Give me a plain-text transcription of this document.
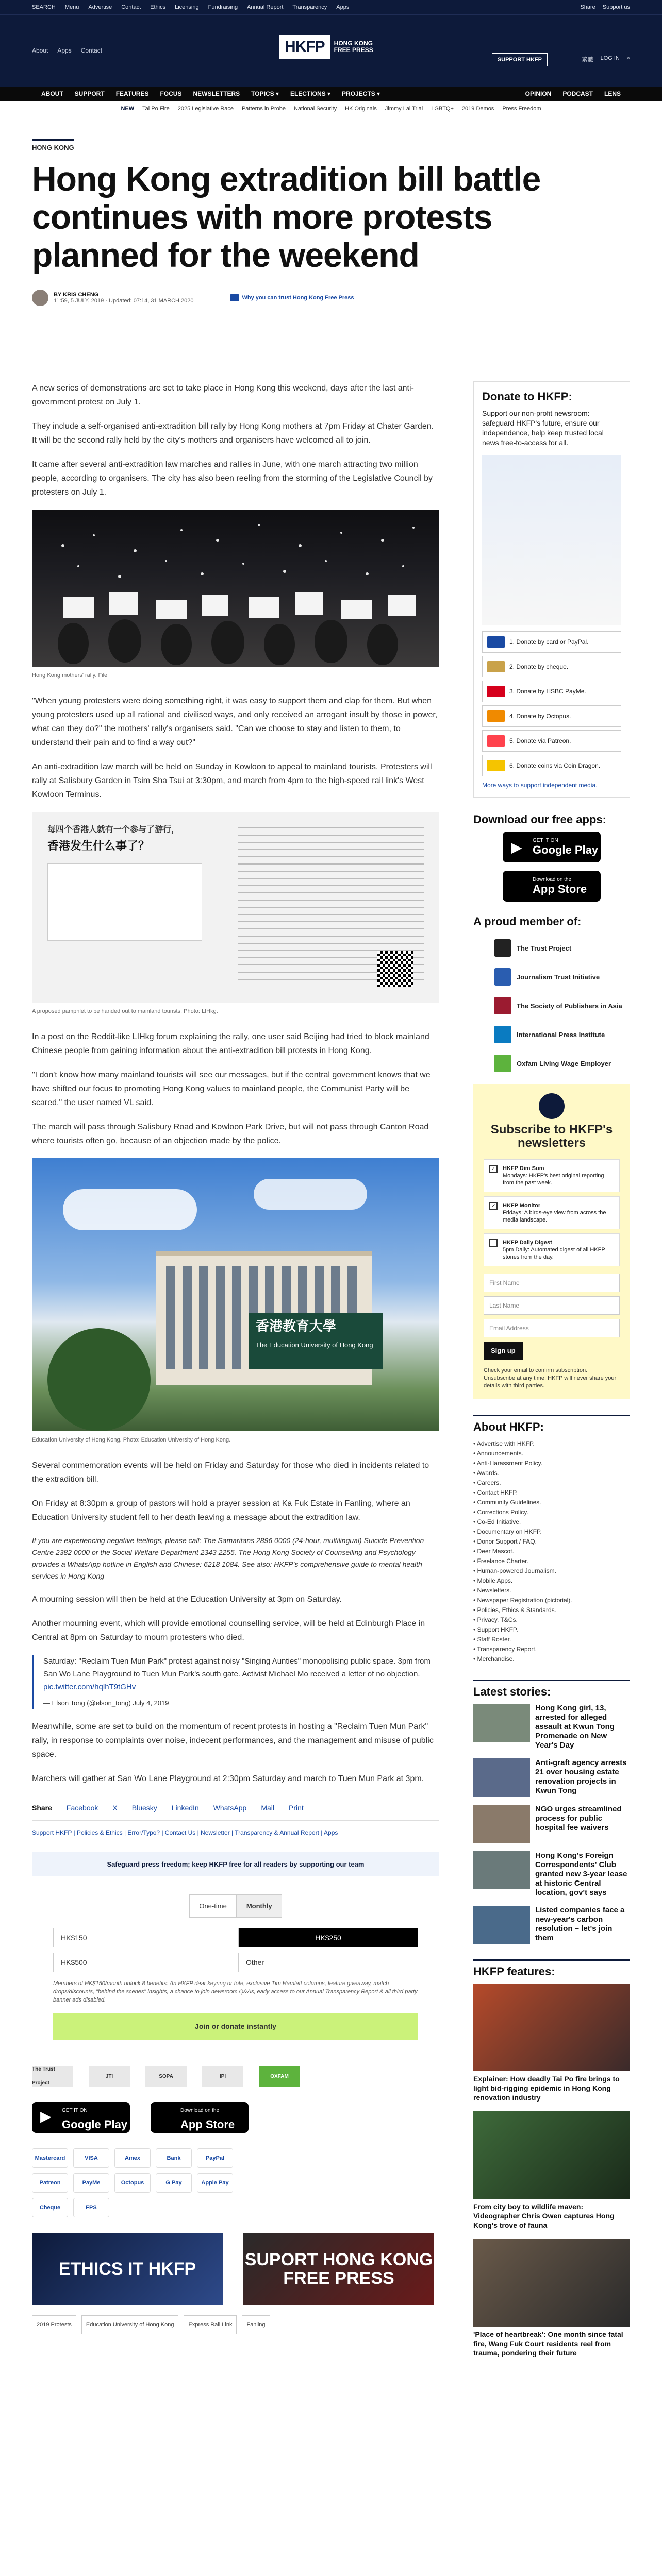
SEARCH Menu Advertise Contact Ethics Licensing Fundraising Annual Report Transparency Apps	Share Support us
About Apps Contact	HKFP	HONG KONG
FREE PRESS
SUPPORT HKFP	繁體 LOG IN ⌕
ABOUT SUPPORT FEATURES FOCUS NEWSLETTERS TOPICS ▾ ELECTIONS ▾ PROJECTS ▾	OPINION PODCAST LENS
NEW Tai Po Fire 2025 Legislative Race Patterns in Probe National Security HK Originals Jimmy Lai Trial LGBTQ+ 2019 Demos Press Freedom
HONG KONG
Hong Kong extradition bill battle continues with more protests planned for the weekend
BY KRIS CHENG
11:59, 5 JULY, 2019 · Updated: 07:14, 31 MARCH 2020	Why you can trust Hong Kong Free Press

A new series of demonstrations are set to take place in Hong Kong this weekend, days after the last anti-government protest on July 1.

They include a self-organised anti-extradition bill rally by Hong Kong mothers at 7pm Friday at Chater Garden. It will be the second rally held by the city's mothers and organisers have welcomed all to join.

It came after several anti-extradition law marches and rallies in June, with one march attracting two million people, according to organisers. The city has also been reeling from the storming of the Legislative Council by protesters on July 1.

Hong Kong mothers' rally. File

"When young protesters were doing something right, it was easy to support them and clap for them. But when young protesters used up all rational and civilised ways, and only received an arrogant insult by those in power, what can they do?" the mothers' rally's organisers said. "Can we choose to stay and listen to them, to understand their pain and to find a way out?"

An anti-extradition law march will be held on Sunday in Kowloon to appeal to mainland tourists. Protesters will rally at Salisbury Garden in Tsim Sha Tsui at 3:30pm, and march from 4pm to the high-speed rail link's West Kowloon Terminus.

每四个香港人就有一个参与了游行，
香港发生什么事了？
A proposed pamphlet to be handed out to mainland tourists. Photo: LIHkg.

In a post on the Reddit-like LIHkg forum explaining the rally, one user said Beijing had tried to block mainland Chinese people from gaining information about the anti-extradition bill protests in Hong Kong.

"I don't know how many mainland tourists will see our messages, but if the central government knows that we have shifted our focus to promoting Hong Kong values to mainland people, the Communist Party will be scared," the user named VL said.

The march will pass through Salisbury Road and Kowloon Park Drive, but will not pass through Canton Road where tourists often go, because of an objection made by the police.

香港教育大學
The Education University of Hong Kong
Education University of Hong Kong. Photo: Education University of Hong Kong.

Several commemoration events will be held on Friday and Saturday for those who died in incidents related to the extradition bill.

On Friday at 8:30pm a group of pastors will hold a prayer session at Ka Fuk Estate in Fanling, where an Education University student fell to her death leaving a message about the extradition law.

If you are experiencing negative feelings, please call: The Samaritans 2896 0000 (24-hour, multilingual) Suicide Prevention Centre 2382 0000 or the Social Welfare Department 2343 2255. The Hong Kong Society of Counselling and Psychology provides a WhatsApp hotline in English and Chinese: 6218 1084. See also: HKFP's comprehensive guide to mental health services in Hong Kong

A mourning session will then be held at the Education University at 3pm on Saturday.

Another mourning event, which will provide emotional counselling service, will be held at Edinburgh Place in Central at 8pm on Saturday to mourn protesters who died.

Saturday: "Reclaim Tuen Mun Park" protest against noisy "Singing Aunties" monopolising public space. 3pm from San Wo Lane Playground to Tuen Mun Park's south gate. Activist Michael Mo received a letter of no objection.
pic.twitter.com/hqlhT9tGHv
— Elson Tong (@elson_tong) July 4, 2019

Meanwhile, some are set to build on the momentum of recent protests in hosting a "Reclaim Tuen Mun Park" rally, in response to complaints over noise, indecent performances, and the management and misuse of public space.

Marchers will gather at San Wo Lane Playground at 2:30pm Saturday and march to Tuen Mun Park at 3pm.

Share Facebook X Bluesky LinkedIn WhatsApp Mail Print
Support HKFP | Policies & Ethics | Error/Typo? | Contact Us | Newsletter | Transparency & Annual Report | Apps
Safeguard press freedom; keep HKFP free for all readers by supporting our team
One-time	Monthly
HK$150	HK$250
HK$500	Other
Members of HK$150/month unlock 8 benefits: An HKFP dear keyring or tote, exclusive Tim Hamlett columns, feature giveaway, match drops/discounts, "behind the scenes" insights, a chance to join newsroom Q&As, early access to our Annual Transparency Report & all third party banner ads disabled.
Join or donate instantly
The Trust Project
JTI	SOPA	IPI	OXFAM
▶ GET IT ON
Google Play
Download on the
App Store
Mastercard	VISA	Amex	Bank	PayPal
Patreon	PayMe	Octopus	G Pay	Apple Pay
Cheque	FPS
ETHICS IT HKFP	SUPORT HONG KONG FREE PRESS
2019 Protests	Education University of Hong Kong	Express Rail Link	Fanling
Donate to HKFP:

Support our non-profit newsroom: safeguard HKFP's future, ensure our independence, help keep trusted local news free-to-access for all.

1. Donate by card or PayPal.
2. Donate by cheque.
3. Donate by HSBC PayMe.
4. Donate by Octopus.
5. Donate via Patreon.
6. Donate coins via Coin Dragon.
More ways to support independent media.
Download our free apps:
▶ GET IT ON
Google Play
Download on the
App Store
A proud member of:
The Trust Project
Journalism Trust Initiative
The Society of Publishers in Asia
International Press Institute
Oxfam Living Wage Employer
Subscribe to HKFP's newsletters
✓	HKFP Dim Sum
Mondays: HKFP's best original reporting from the past week.
✓	HKFP Monitor
Fridays: A birds-eye view from across the media landscape.
HKFP Daily Digest
5pm Daily: Automated digest of all HKFP stories from the day.
First Name
Last Name
Email Address
Sign up
Check your email to confirm subscription. Unsubscribe at any time. HKFP will never share your details with third parties.
About HKFP:
• Advertise with HKFP.
• Announcements.
• Anti-Harassment Policy.
• Awards.
• Careers.
• Contact HKFP.
• Community Guidelines.
• Corrections Policy.
• Co-Ed Initiative.
• Documentary on HKFP.
• Donor Support / FAQ.
• Deer Mascot.
• Freelance Charter.
• Human-powered Journalism.
• Mobile Apps.
• Newsletters.
• Newspaper Registration (pictorial).
• Policies, Ethics & Standards.
• Privacy, T&Cs.
• Support HKFP.
• Staff Roster.
• Transparency Report.
• Merchandise.
Latest stories:
Hong Kong girl, 13, arrested for alleged assault at Kwun Tong Promenade on New Year's Day
Anti-graft agency arrests 21 over housing estate renovation projects in Kwun Tong
NGO urges streamlined process for public hospital fee waivers
Hong Kong's Foreign Correspondents' Club granted new 3-year lease at historic Central location, gov't says
Listed companies face a new-year's carbon resolution – let's join them
HKFP features:
Explainer: How deadly Tai Po fire brings to light bid-rigging epidemic in Hong Kong renovation industry
From city boy to wildlife maven: Videographer Chris Owen captures Hong Kong's trove of fauna
'Place of heartbreak': One month since fatal fire, Wang Fuk Court residents reel from trauma, pondering their future
